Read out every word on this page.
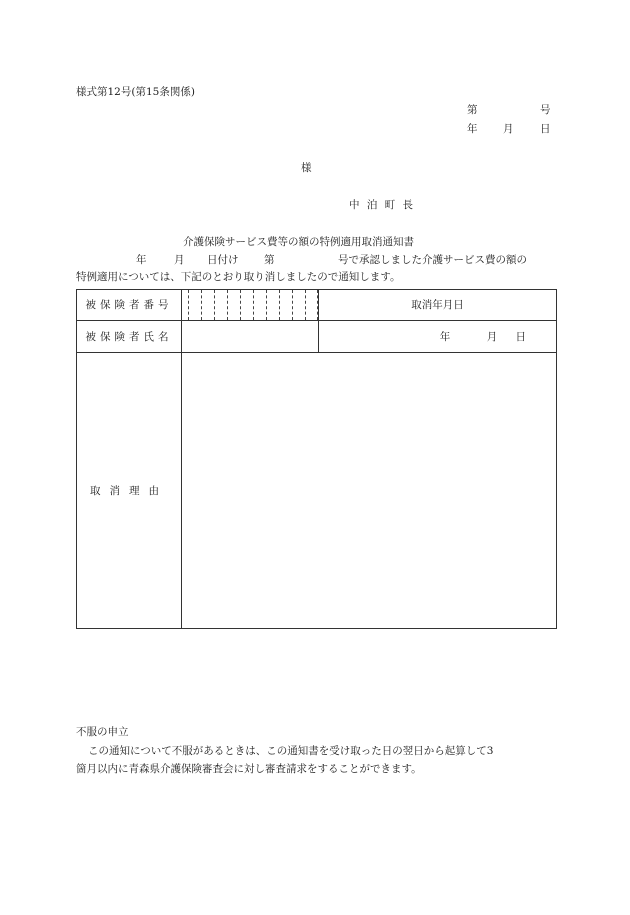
様式第12号(第15条関係)
第	号
年 月	日
様
中 泊 町 長
介護保険サービス費等の額の特例適用取消通知書
年	月 日付け 第	号で承認しました介護サービス費の額の
特例適用については、下記のとおり取り消しましたので通知します。
被保険者番号		取消年月日
被保険者氏名		年 月 日

取消理由		
不服の申立
この通知について不服があるときは、この通知書を受け取った日の翌日から起算して3
箇月以内に青森県介護保険審査会に対し審査請求をすることができます。
